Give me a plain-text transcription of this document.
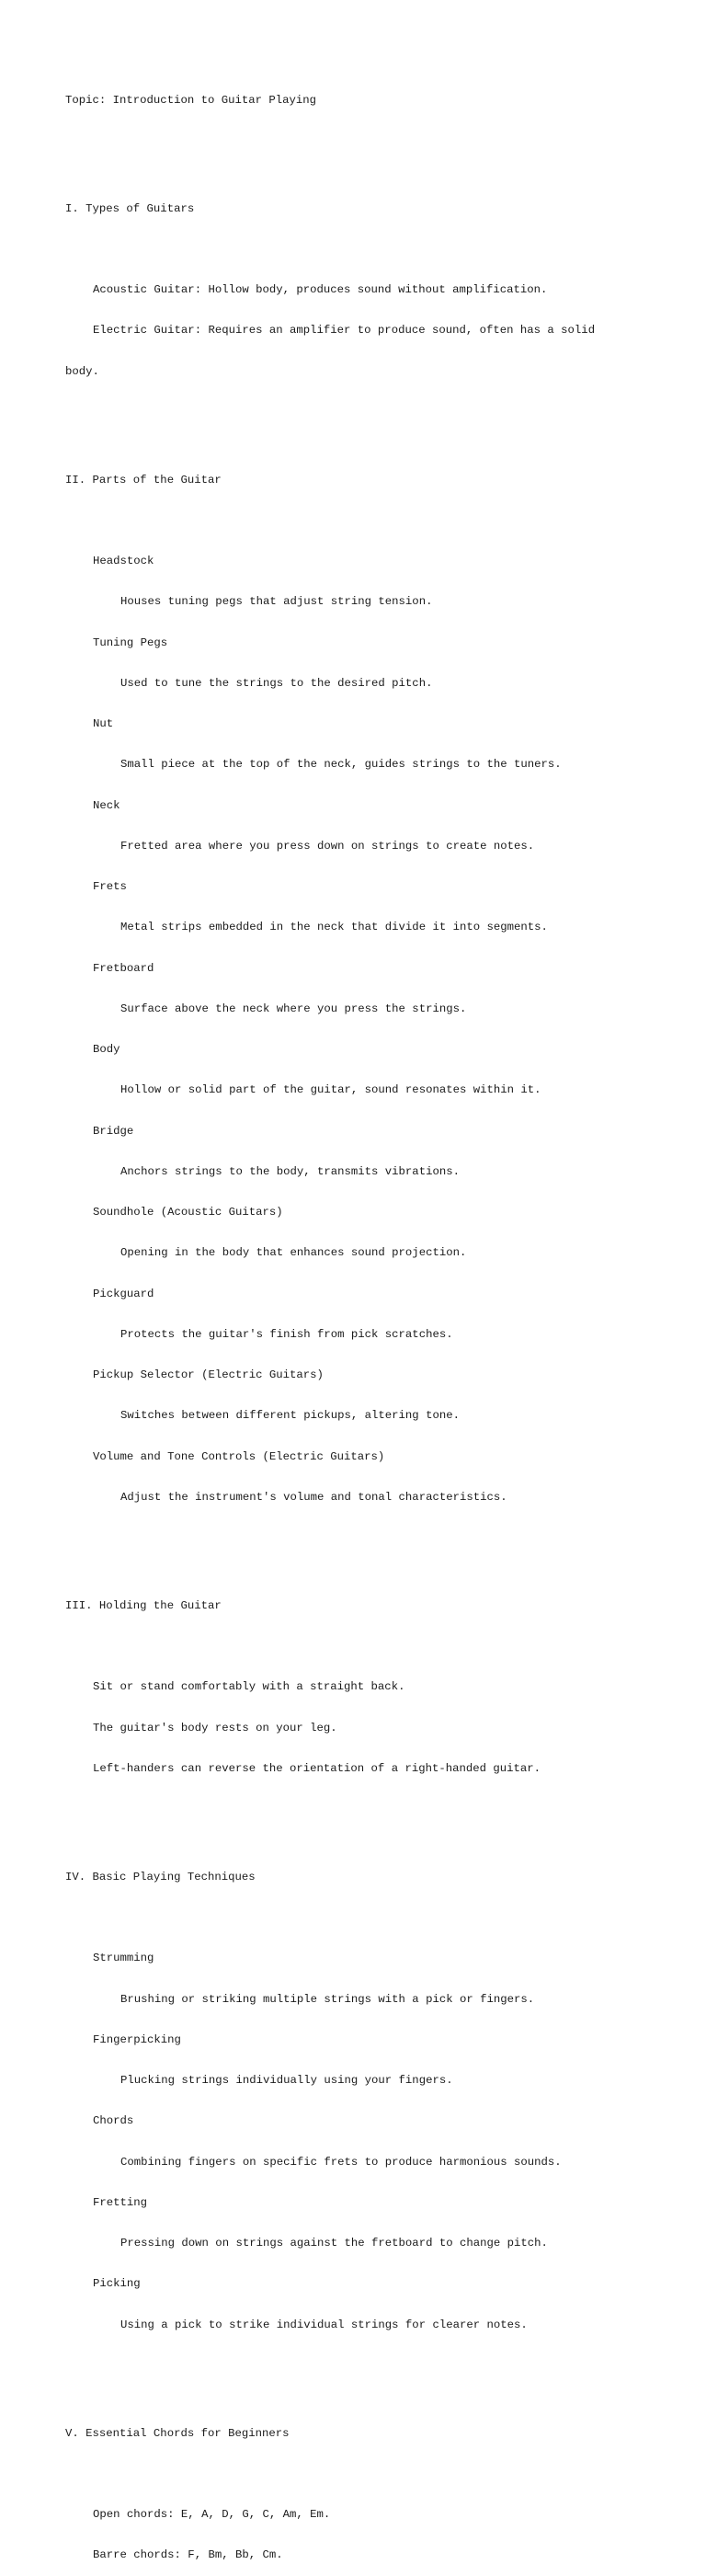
Topic: Introduction to Guitar Playing

I. Types of Guitars

Acoustic Guitar: Hollow body, produces sound without amplification.

Electric Guitar: Requires an amplifier to produce sound, often has a solid

body.

II. Parts of the Guitar

Headstock

Houses tuning pegs that adjust string tension.

Tuning Pegs

Used to tune the strings to the desired pitch.

Nut

Small piece at the top of the neck, guides strings to the tuners.

Neck

Fretted area where you press down on strings to create notes.

Frets

Metal strips embedded in the neck that divide it into segments.

Fretboard

Surface above the neck where you press the strings.

Body

Hollow or solid part of the guitar, sound resonates within it.

Bridge

Anchors strings to the body, transmits vibrations.

Soundhole (Acoustic Guitars)

Opening in the body that enhances sound projection.

Pickguard

Protects the guitar's finish from pick scratches.

Pickup Selector (Electric Guitars)

Switches between different pickups, altering tone.

Volume and Tone Controls (Electric Guitars)

Adjust the instrument's volume and tonal characteristics.

III. Holding the Guitar

Sit or stand comfortably with a straight back.

The guitar's body rests on your leg.

Left-handers can reverse the orientation of a right-handed guitar.

IV. Basic Playing Techniques

Strumming

Brushing or striking multiple strings with a pick or fingers.

Fingerpicking

Plucking strings individually using your fingers.

Chords

Combining fingers on specific frets to produce harmonious sounds.

Fretting

Pressing down on strings against the fretboard to change pitch.

Picking

Using a pick to strike individual strings for clearer notes.

V. Essential Chords for Beginners

Open chords: E, A, D, G, C, Am, Em.

Barre chords: F, Bm, Bb, Cm.
